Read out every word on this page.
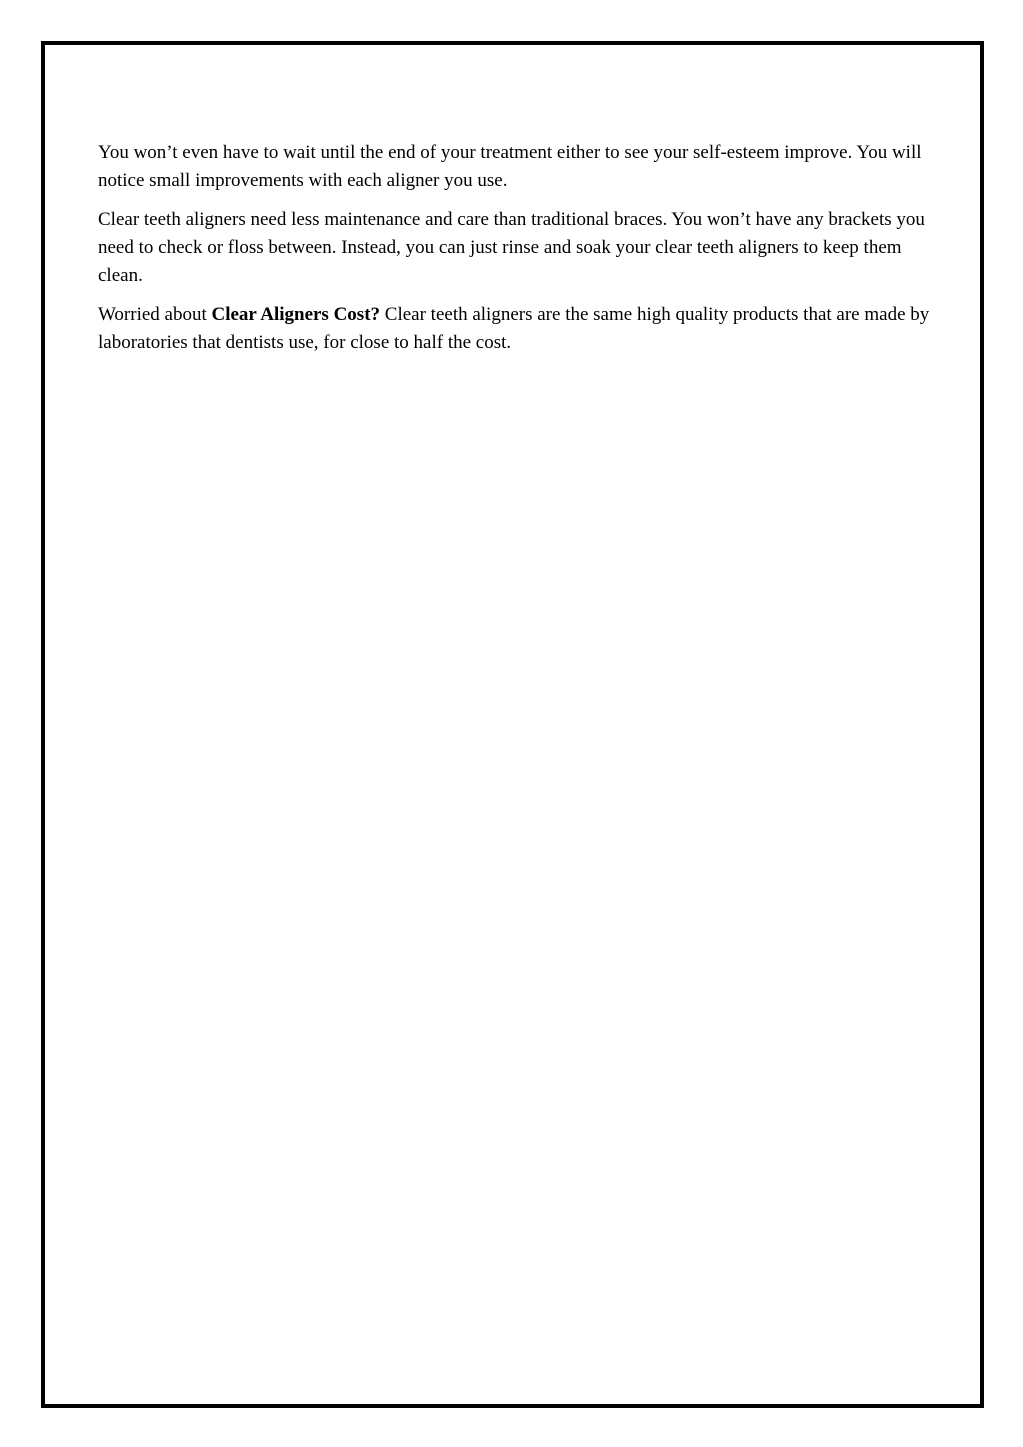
You won’t even have to wait until the end of your treatment either to see your self-esteem improve. You will notice small improvements with each aligner you use.

Clear teeth aligners need less maintenance and care than traditional braces. You won’t have any brackets you need to check or floss between. Instead, you can just rinse and soak your clear teeth aligners to keep them clean.

Worried about Clear Aligners Cost? Clear teeth aligners are the same high quality products that are made by laboratories that dentists use, for close to half the cost.
